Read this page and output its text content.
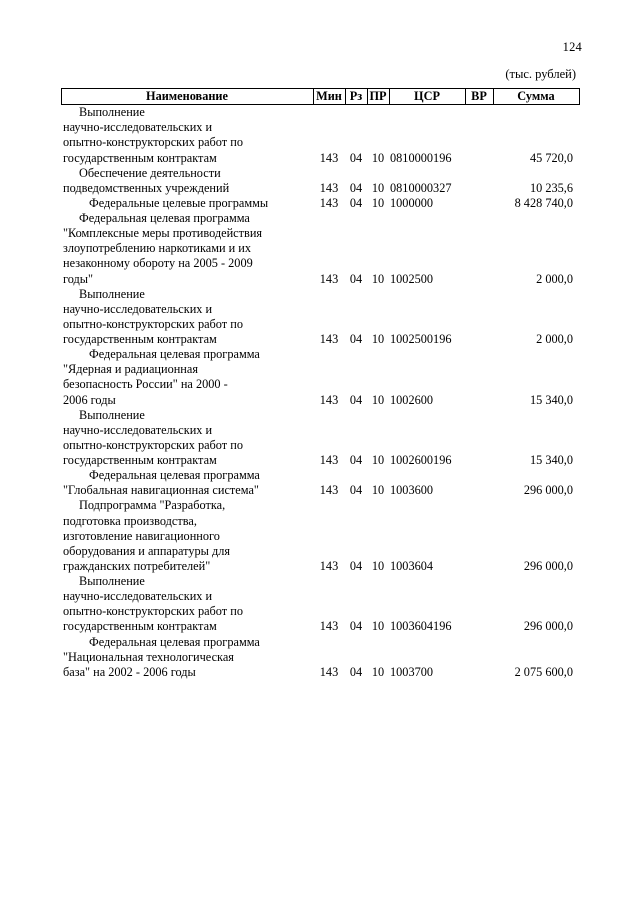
124
(тыс. рублей)
Наименование	Мин	Рз	ПР	ЦСР	ВР	Сумма
Выполнение						
научно-исследовательских и						
опытно-конструкторских работ по						
государственным контрактам	143	04	10	0810000196		45 720,0
Обеспечение деятельности						
подведомственных учреждений	143	04	10	0810000327		10 235,6
Федеральные целевые программы	143	04	10	1000000		8 428 740,0
Федеральная целевая программа						
"Комплексные меры противодействия						
злоупотреблению наркотиками и их						
незаконному обороту на 2005 - 2009						
годы"	143	04	10	1002500		2 000,0
Выполнение						
научно-исследовательских и						
опытно-конструкторских работ по						
государственным контрактам	143	04	10	1002500196		2 000,0
Федеральная целевая программа						
"Ядерная и радиационная						
безопасность России" на 2000 -						
2006 годы	143	04	10	1002600		15 340,0
Выполнение						
научно-исследовательских и						
опытно-конструкторских работ по						
государственным контрактам	143	04	10	1002600196		15 340,0
Федеральная целевая программа						
"Глобальная навигационная система"	143	04	10	1003600		296 000,0
Подпрограмма "Разработка,						
подготовка производства,						
изготовление навигационного						
оборудования и аппаратуры для						
гражданских потребителей"	143	04	10	1003604		296 000,0
Выполнение						
научно-исследовательских и						
опытно-конструкторских работ по						
государственным контрактам	143	04	10	1003604196		296 000,0
Федеральная целевая программа						
"Национальная технологическая						
база" на 2002 - 2006 годы	143	04	10	1003700		2 075 600,0
